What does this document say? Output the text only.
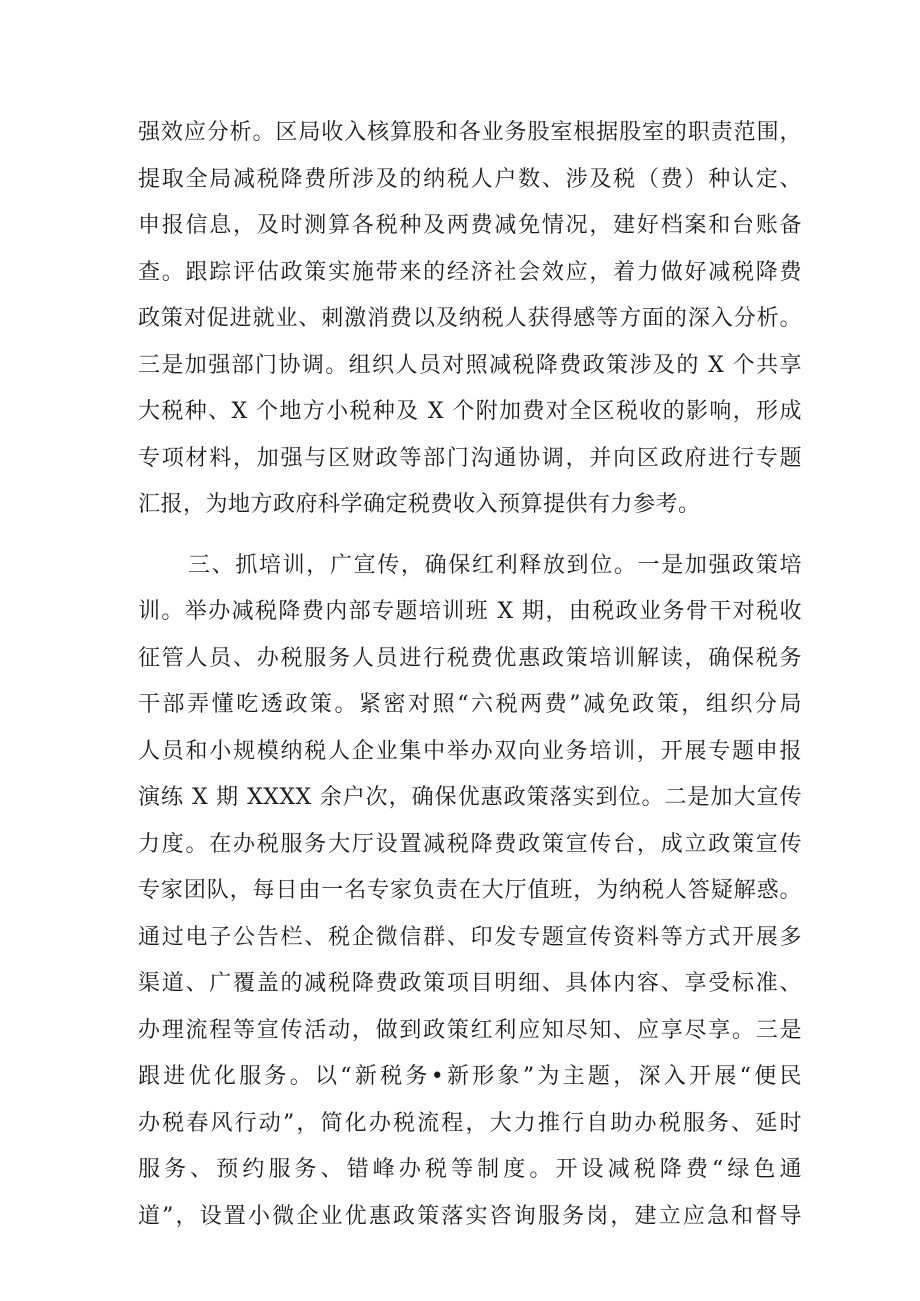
强效应分析。区局收入核算股和各业务股室根据股室的职责范围，
提取全局减税降费所涉及的纳税人户数、涉及税（费）种认定、
申报信息，及时测算各税种及两费减免情况，建好档案和台账备
查。跟踪评估政策实施带来的经济社会效应，着力做好减税降费
政策对促进就业、刺激消费以及纳税人获得感等方面的深入分析。
三是加强部门协调。组织人员对照减税降费政策涉及的 X 个共享
大税种、X 个地方小税种及 X 个附加费对全区税收的影响，形成
专项材料，加强与区财政等部门沟通协调，并向区政府进行专题
汇报，为地方政府科学确定税费收入预算提供有力参考。
三、抓培训，广宣传，确保红利释放到位。一是加强政策培
训。举办减税降费内部专题培训班 X 期，由税政业务骨干对税收
征管人员、办税服务人员进行税费优惠政策培训解读，确保税务
干部弄懂吃透政策。紧密对照“六税两费”减免政策，组织分局
人员和小规模纳税人企业集中举办双向业务培训，开展专题申报
演练 X 期 XXXX 余户次，确保优惠政策落实到位。二是加大宣传
力度。在办税服务大厅设置减税降费政策宣传台，成立政策宣传
专家团队，每日由一名专家负责在大厅值班，为纳税人答疑解惑。
通过电子公告栏、税企微信群、印发专题宣传资料等方式开展多
渠道、广覆盖的减税降费政策项目明细、具体内容、享受标准、
办理流程等宣传活动，做到政策红利应知尽知、应享尽享。三是
跟进优化服务。以“新税务•新形象”为主题，深入开展“便民
办税春风行动”，简化办税流程，大力推行自助办税服务、延时
服务、预约服务、错峰办税等制度。开设减税降费“绿色通
道”，设置小微企业优惠政策落实咨询服务岗，建立应急和督导
